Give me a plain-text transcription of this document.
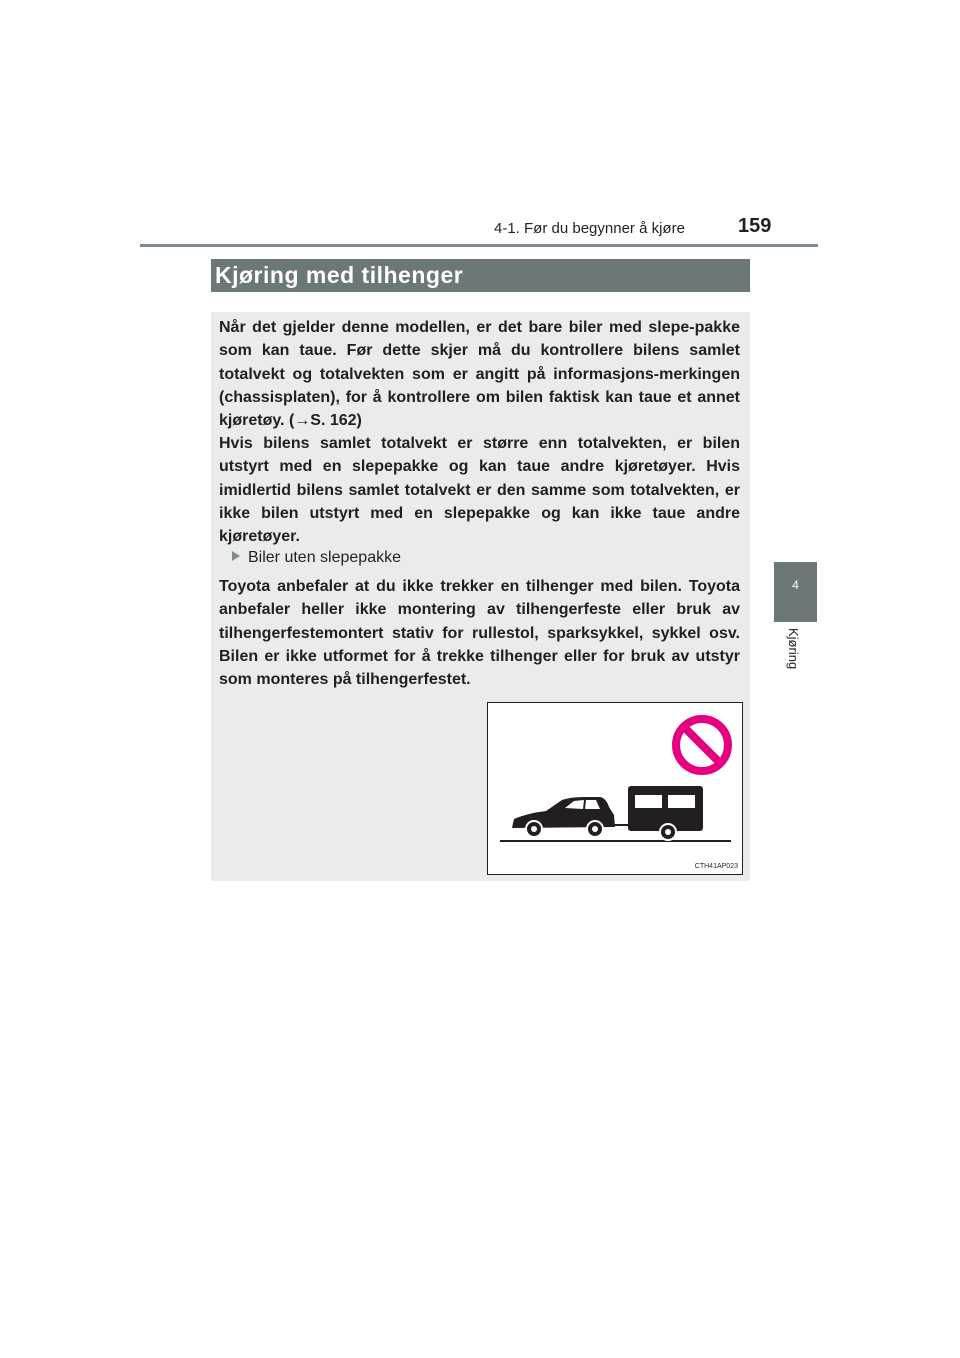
4-1. Før du begynner å kjøre	159
4
Kjøring
Kjøring med tilhenger
Når det gjelder denne modellen, er det bare biler med slepe-pakke som kan taue. Før dette skjer må du kontrollere bilens samlet totalvekt og totalvekten som er angitt på informasjons-merkingen (chassisplaten), for å kontrollere om bilen faktisk kan taue et annet kjøretøy. (→S. 162)
Hvis bilens samlet totalvekt er større enn totalvekten, er bilen utstyrt med en slepepakke og kan taue andre kjøretøyer. Hvis imidlertid bilens samlet totalvekt er den samme som totalvekten, er ikke bilen utstyrt med en slepepakke og kan ikke taue andre kjøretøyer.
Biler uten slepepakke
Toyota anbefaler at du ikke trekker en tilhenger med bilen. Toyota anbefaler heller ikke montering av tilhengerfeste eller bruk av tilhengerfestemontert stativ for rullestol, sparksykkel, sykkel osv. Bilen er ikke utformet for å trekke tilhenger eller for bruk av utstyr som monteres på tilhengerfestet.
CTH41AP023
